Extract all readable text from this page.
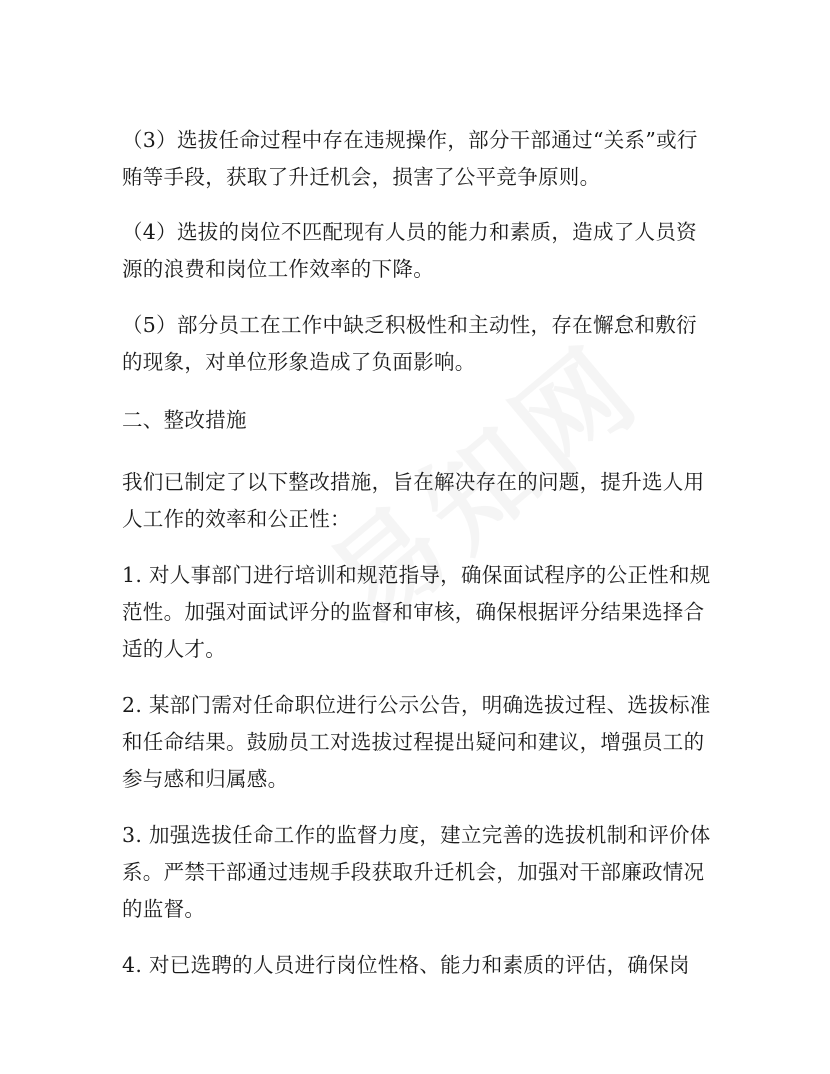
（3）选拔任命过程中存在违规操作，部分干部通过“关系”或行贿等手段，获取了升迁机会，损害了公平竞争原则。

（4）选拔的岗位不匹配现有人员的能力和素质，造成了人员资源的浪费和岗位工作效率的下降。

（5）部分员工在工作中缺乏积极性和主动性，存在懈怠和敷衍的现象，对单位形象造成了负面影响。

二、整改措施

我们已制定了以下整改措施，旨在解决存在的问题，提升选人用人工作的效率和公正性：

1. 对人事部门进行培训和规范指导，确保面试程序的公正性和规范性。加强对面试评分的监督和审核，确保根据评分结果选择合适的人才。

2. 某部门需对任命职位进行公示公告，明确选拔过程、选拔标准和任命结果。鼓励员工对选拔过程提出疑问和建议，增强员工的参与感和归属感。

3. 加强选拔任命工作的监督力度，建立完善的选拔机制和评价体系。严禁干部通过违规手段获取升迁机会，加强对干部廉政情况的监督。

4. 对已选聘的人员进行岗位性格、能力和素质的评估，确保岗
